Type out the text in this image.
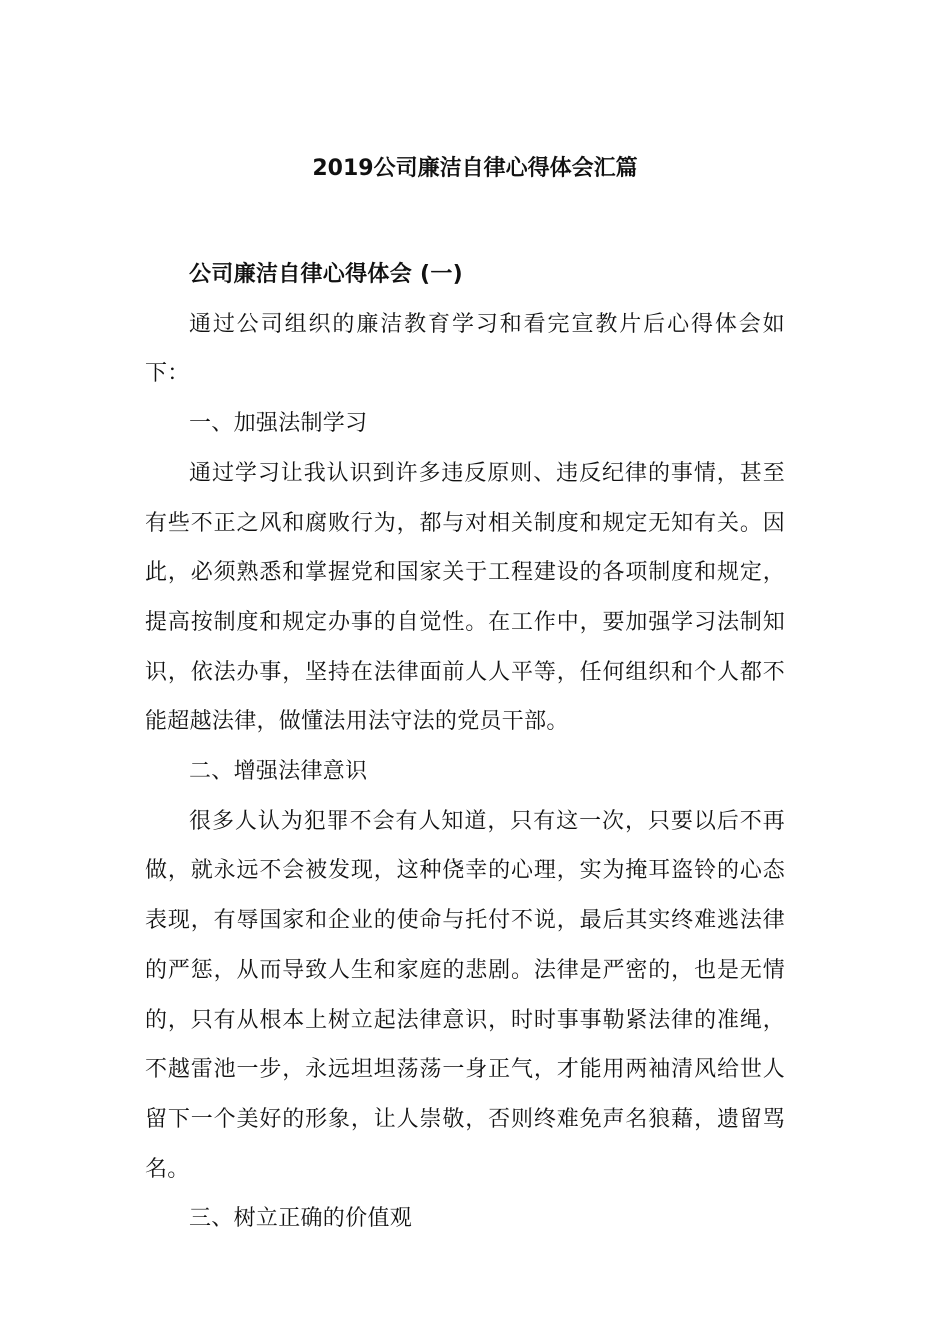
2019公司廉洁自律心得体会汇篇

公司廉洁自律心得体会 (一)

通过公司组织的廉洁教育学习和看完宣教片后心得体会如下：

一、加强法制学习

通过学习让我认识到许多违反原则、违反纪律的事情，甚至有些不正之风和腐败行为，都与对相关制度和规定无知有关。因此，必须熟悉和掌握党和国家关于工程建设的各项制度和规定，提高按制度和规定办事的自觉性。在工作中，要加强学习法制知识，依法办事，坚持在法律面前人人平等，任何组织和个人都不能超越法律，做懂法用法守法的党员干部。

二、增强法律意识

很多人认为犯罪不会有人知道，只有这一次，只要以后不再做，就永远不会被发现，这种侥幸的心理，实为掩耳盗铃的心态表现，有辱国家和企业的使命与托付不说，最后其实终难逃法律的严惩，从而导致人生和家庭的悲剧。法律是严密的，也是无情的，只有从根本上树立起法律意识，时时事事勒紧法律的准绳，不越雷池一步，永远坦坦荡荡一身正气，才能用两袖清风给世人留下一个美好的形象，让人崇敬，否则终难免声名狼藉，遗留骂名。

三、树立正确的价值观
